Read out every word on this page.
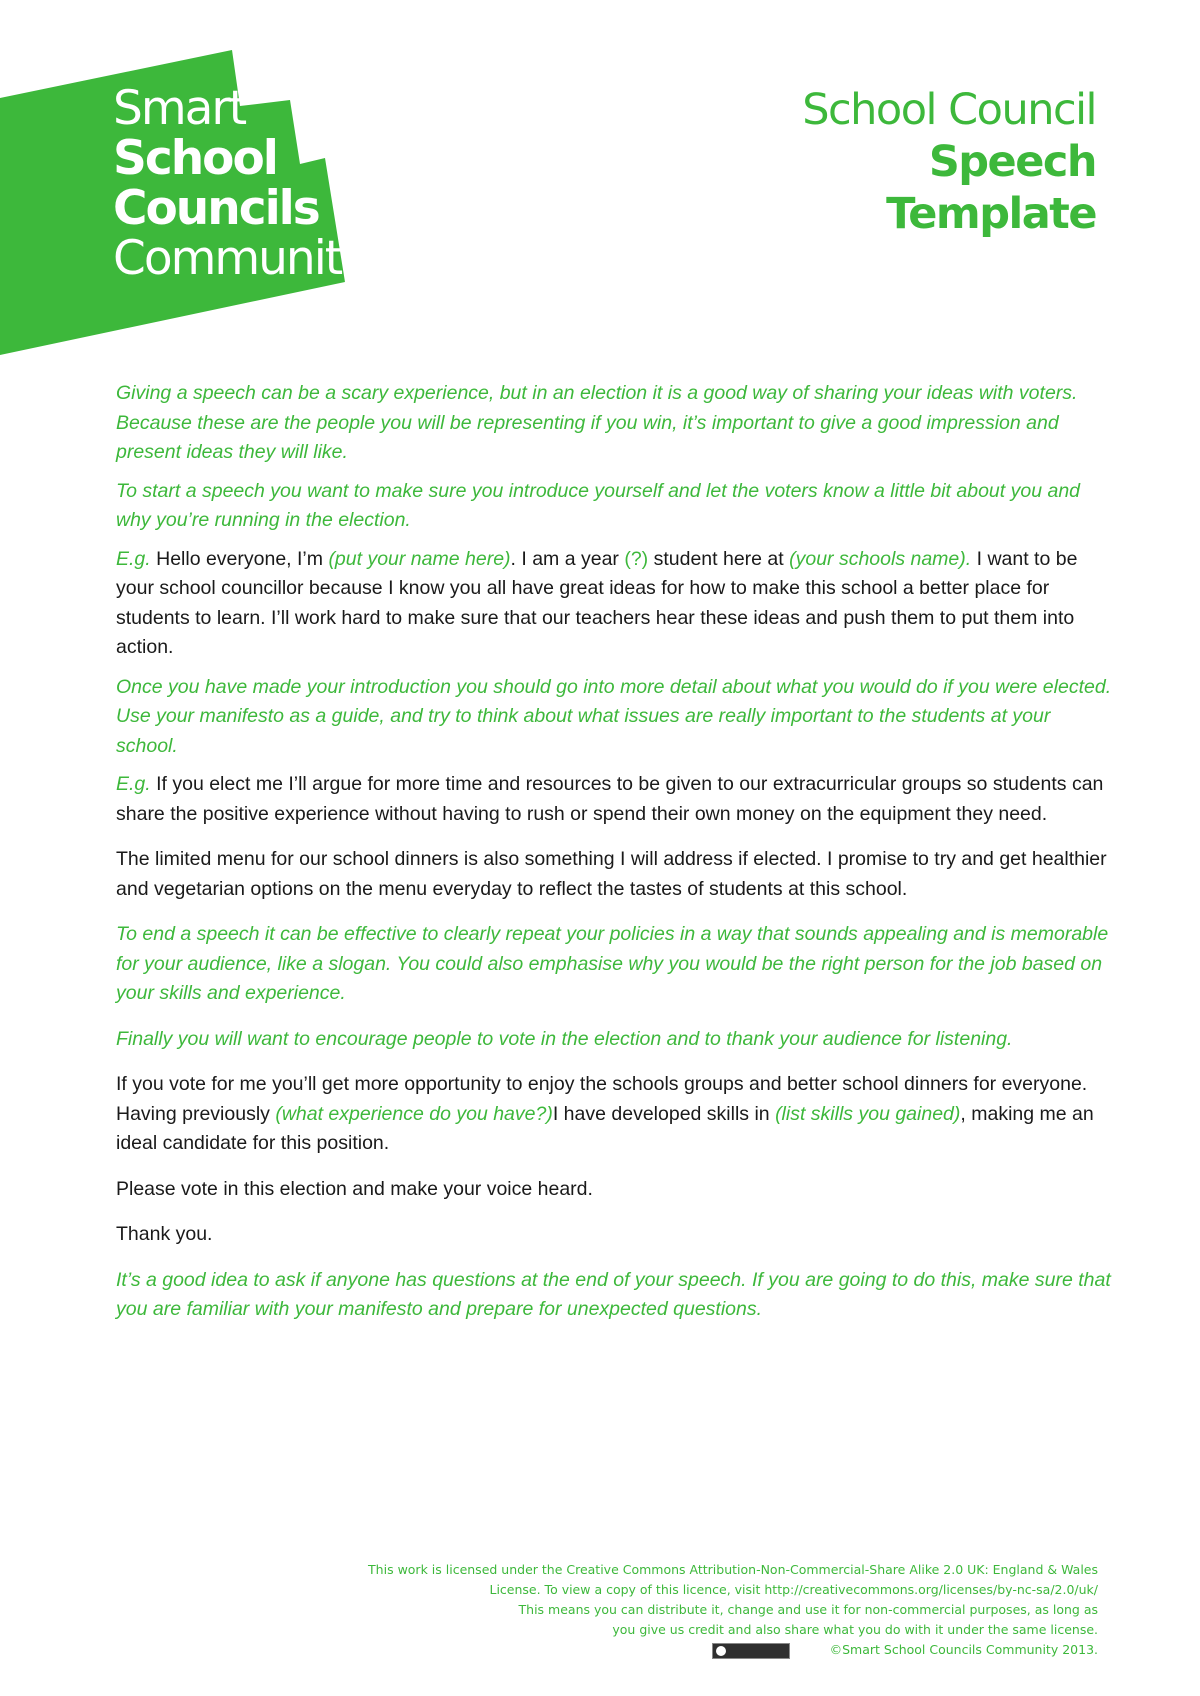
Smart
School
Councils
Community
School Council
Speech
Template

Giving a speech can be a scary experience, but in an election it is a good way of sharing your ideas with voters. Because these are the people you will be representing if you win, it’s important to give a good impression and present ideas they will like.

To start a speech you want to make sure you introduce yourself and let the voters know a little bit about you and why you’re running in the election.

E.g. Hello everyone, I’m (put your name here). I am a year (?) student here at (your schools name). I want to be your school councillor because I know you all have great ideas for how to make this school a better place for students to learn. I’ll work hard to make sure that our teachers hear these ideas and push them to put them into action.

Once you have made your introduction you should go into more detail about what you would do if you were elected. Use your manifesto as a guide, and try to think about what issues are really important to the students at your school.

E.g. If you elect me I’ll argue for more time and resources to be given to our extracurricular groups so students can share the positive experience without having to rush or spend their own money on the equipment they need.

The limited menu for our school dinners is also something I will address if elected. I promise to try and get healthier and vegetarian options on the menu everyday to reflect the tastes of students at this school.

To end a speech it can be effective to clearly repeat your policies in a way that sounds appealing and is memorable for your audience, like a slogan. You could also emphasise why you would be the right person for the job based on your skills and experience.

Finally you will want to encourage people to vote in the election and to thank your audience for listening.

If you vote for me you’ll get more opportunity to enjoy the schools groups and better school dinners for everyone. Having previously (what experience do you have?)I have developed skills in (list skills you gained), making me an ideal candidate for this position.

Please vote in this election and make your voice heard.

Thank you.

It’s a good idea to ask if anyone has questions at the end of your speech. If you are going to do this, make sure that you are familiar with your manifesto and prepare for unexpected questions.

This work is licensed under the Creative Commons Attribution-Non-Commercial-Share Alike 2.0 UK: England & Wales
License. To view a copy of this licence, visit http://creativecommons.org/licenses/by-nc-sa/2.0/uk/
This means you can distribute it, change and use it for non-commercial purposes, as long as
you give us credit and also share what you do with it under the same license.
©Smart School Councils Community 2013.
